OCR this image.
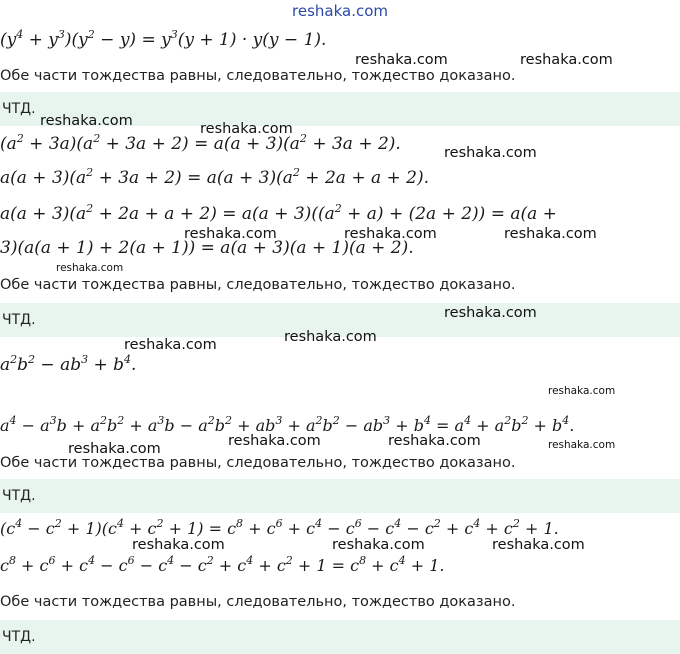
reshaka.com
$(y^4 + y^3)(y^2 - y) = y^3(y + 1) \cdot y(y - 1)$.
Обе части тождества равны, следовательно, тождество доказано.
ЧТД.
$(a^2 + 3a)(a^2 + 3a + 2) = a(a + 3)(a^2 + 3a + 2)$.
$a(a + 3)(a^2 + 3a + 2) = a(a + 3)(a^2 + 2a + a + 2)$.
$a(a + 3)(a^2 + 2a + a + 2) = a(a + 3)((a^2 + a) + (2a + 2)) = a(a$ +
3)(a(a + 1) + 2(a + 1)) = a(a + 3)(a + 1)(a + 2).
Обе части тождества равны, следовательно, тождество доказано.
ЧТД.
$a^2b^2 - ab^3 + b^4$.
$a^4 - a^3b + a^2b^2 + a^3b - a^2b^2 + ab^3 + a^2b^2 - ab^3 + b^4 = a^4 + a^2b^2 + b^4$.
Обе части тождества равны, следовательно, тождество доказано.
ЧТД.
$(c^4 - c^2 + 1)(c^4 + c^2 + 1) = c^8 + c^6 + c^4 - c^6 - c^4 - c^2 + c^4 + c^2 + 1$.
$c^8 + c^6 + c^4 - c^6 - c^4 - c^2 + c^4 + c^2 + 1 = c^8 + c^4 + 1$.
Обе части тождества равны, следовательно, тождество доказано.
ЧТД.
reshaka.com	reshaka.com
reshaka.com	reshaka.com
reshaka.com
reshaka.com	reshaka.com	reshaka.com
reshaka.com
reshaka.com
reshaka.com
reshaka.com
reshaka.com
reshaka.com	reshaka.com	reshaka.com
reshaka.com
reshaka.com	reshaka.com	reshaka.com
